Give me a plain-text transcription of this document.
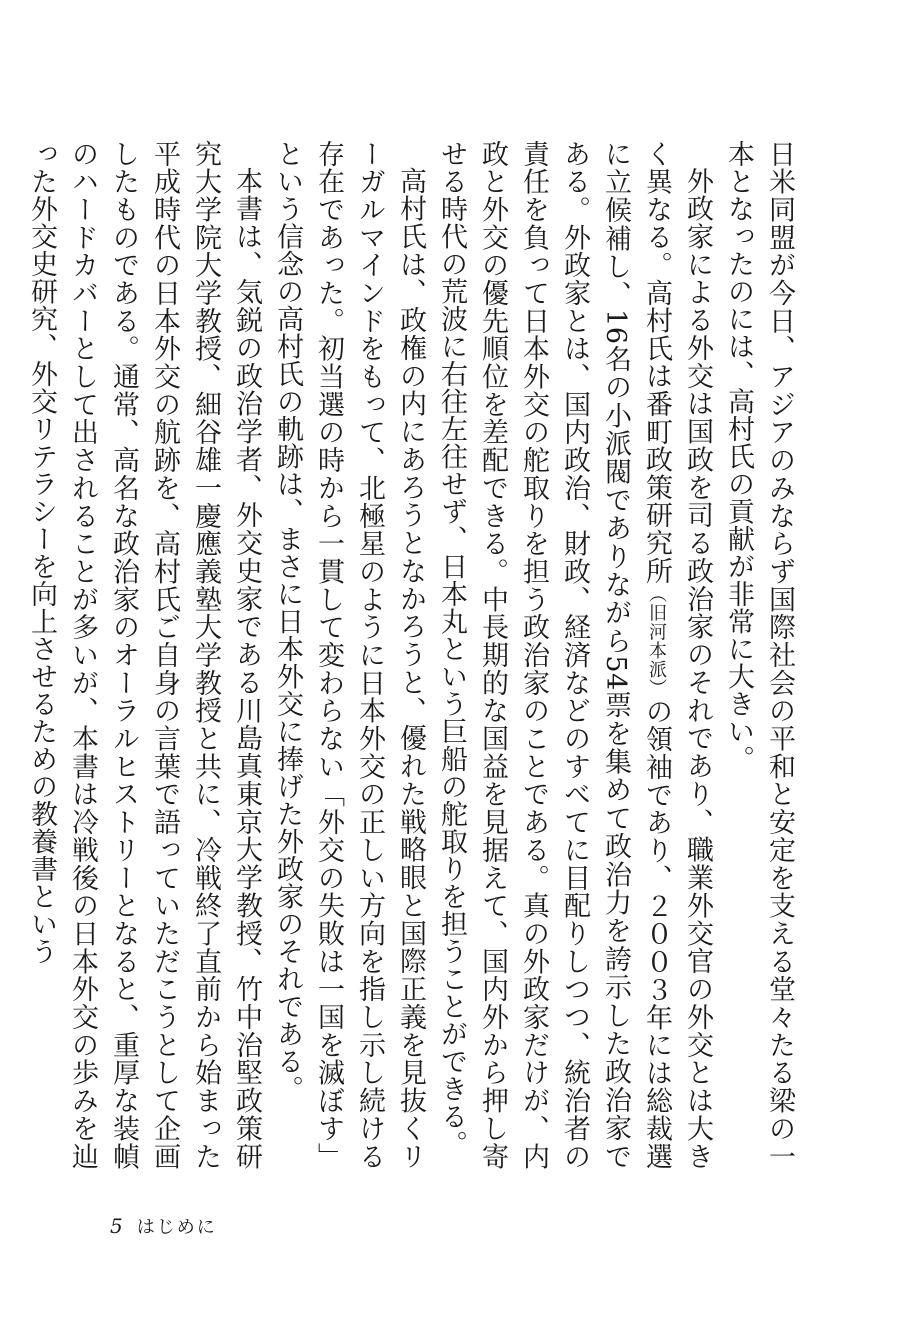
日米同盟が今日、アジアのみならず国際社会の平和と安定を支える堂々たる梁の一本となったのには、高村氏の貢献が非常に大きい。

外政家による外交は国政を司る政治家のそれであり、職業外交官の外交とは大きく異なる。高村氏は番町政策研究所（旧河本派）の領袖であり、２００３年には総裁選に立候補し、16名の小派閥でありながら54票を集めて政治力を誇示した政治家である。外政家とは、国内政治、財政、経済などのすべてに目配りしつつ、統治者の責任を負って日本外交の舵取りを担う政治家のことである。真の外政家だけが、内政と外交の優先順位を差配できる。中長期的な国益を見据えて、国内外から押し寄せる時代の荒波に右往左往せず、日本丸という巨船の舵取りを担うことができる。

高村氏は、政権の内にあろうとなかろうと、優れた戦略眼と国際正義を見抜くリーガルマインドをもって、北極星のように日本外交の正しい方向を指し示し続ける存在であった。初当選の時から一貫して変わらない「外交の失敗は一国を滅ぼす」という信念の高村氏の軌跡は、まさに日本外交に捧げた外政家のそれである。

本書は、気鋭の政治学者、外交史家である川島真東京大学教授、竹中治堅政策研究大学院大学教授、細谷雄一慶應義塾大学教授と共に、冷戦終了直前から始まった平成時代の日本外交の航跡を、高村氏ご自身の言葉で語っていただこうとして企画したものである。通常、高名な政治家のオーラルヒストリーとなると、重厚な装幀のハードカバーとして出されることが多いが、本書は冷戦後の日本外交の歩みを辿った外交史研究、外交リテラシーを向上させるための教養書という

5 はじめに
